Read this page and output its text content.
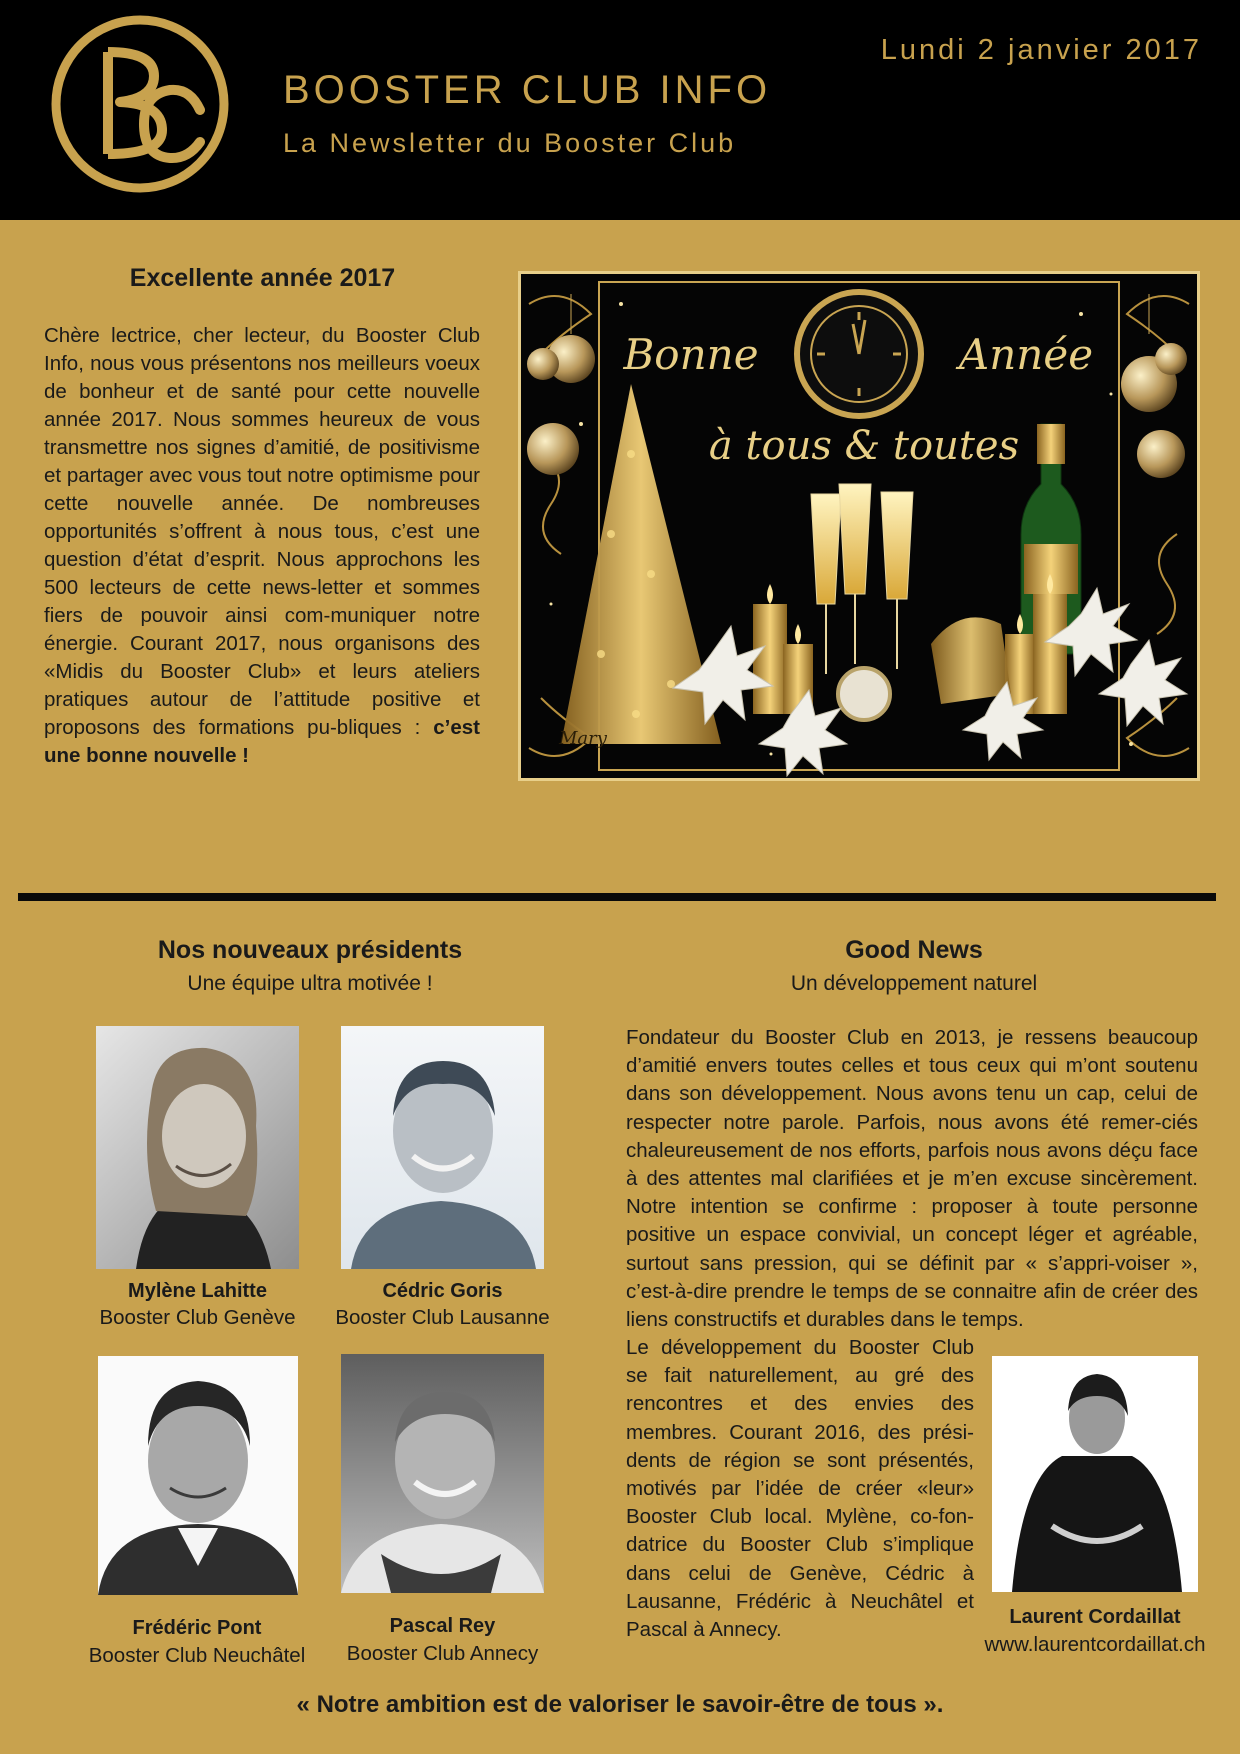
BOOSTER CLUB INFO
La Newsletter du Booster Club
Lundi 2 janvier 2017
Excellente année 2017

Chère lectrice, cher lecteur, du Booster Club Info, nous vous présentons nos meilleurs voeux de bonheur et de santé pour cette nouvelle année 2017. Nous sommes heureux de vous transmettre nos signes d’amitié, de positivisme et partager avec vous tout notre optimisme pour cette nouvelle année. De nombreuses opportunités s’offrent à nous tous, c’est une question d’état d’esprit. Nous approchons les 500 lecteurs de cette news-letter et sommes fiers de pouvoir ainsi com-muniquer notre énergie. Courant 2017, nous organisons des «Midis du Booster Club» et leurs ateliers pratiques autour de l’attitude positive et proposons des formations pu-bliques : c’est une bonne nouvelle !

Bonne	Année
à tous & toutes
Mary
Nos nouveaux présidents
Une équipe ultra motivée !
Mylène Lahitte
Booster Club Genève
Cédric Goris
Booster Club Lausanne
Frédéric Pont
Booster Club Neuchâtel
Pascal Rey
Booster Club Annecy
Good News
Un développement naturel

Fondateur du Booster Club en 2013, je ressens beaucoup d’amitié envers toutes celles et tous ceux qui m’ont soutenu dans son développement. Nous avons tenu un cap, celui de respecter notre parole. Parfois, nous avons été remer-ciés chaleureusement de nos efforts, parfois nous avons déçu face à des attentes mal clarifiées et je m’en excuse sincèrement. Notre intention se confirme : proposer à toute personne positive un espace convivial, un concept léger et agréable, surtout sans pression, qui se définit par « s’appri-voiser », c’est-à-dire prendre le temps de se connaitre afin de créer des liens constructifs et durables dans le temps.

Le développement du Booster Club se fait naturellement, au gré des rencontres et des envies des membres. Courant 2016, des prési-dents de région se sont présentés, motivés par l’idée de créer «leur» Booster Club local. Mylène, co-fon-datrice du Booster Club s’implique dans celui de Genève, Cédric à Lausanne, Frédéric à Neuchâtel et Pascal à Annecy.

Laurent Cordaillat
www.laurentcordaillat.ch
« Notre ambition est de valoriser le savoir-être de tous ».
